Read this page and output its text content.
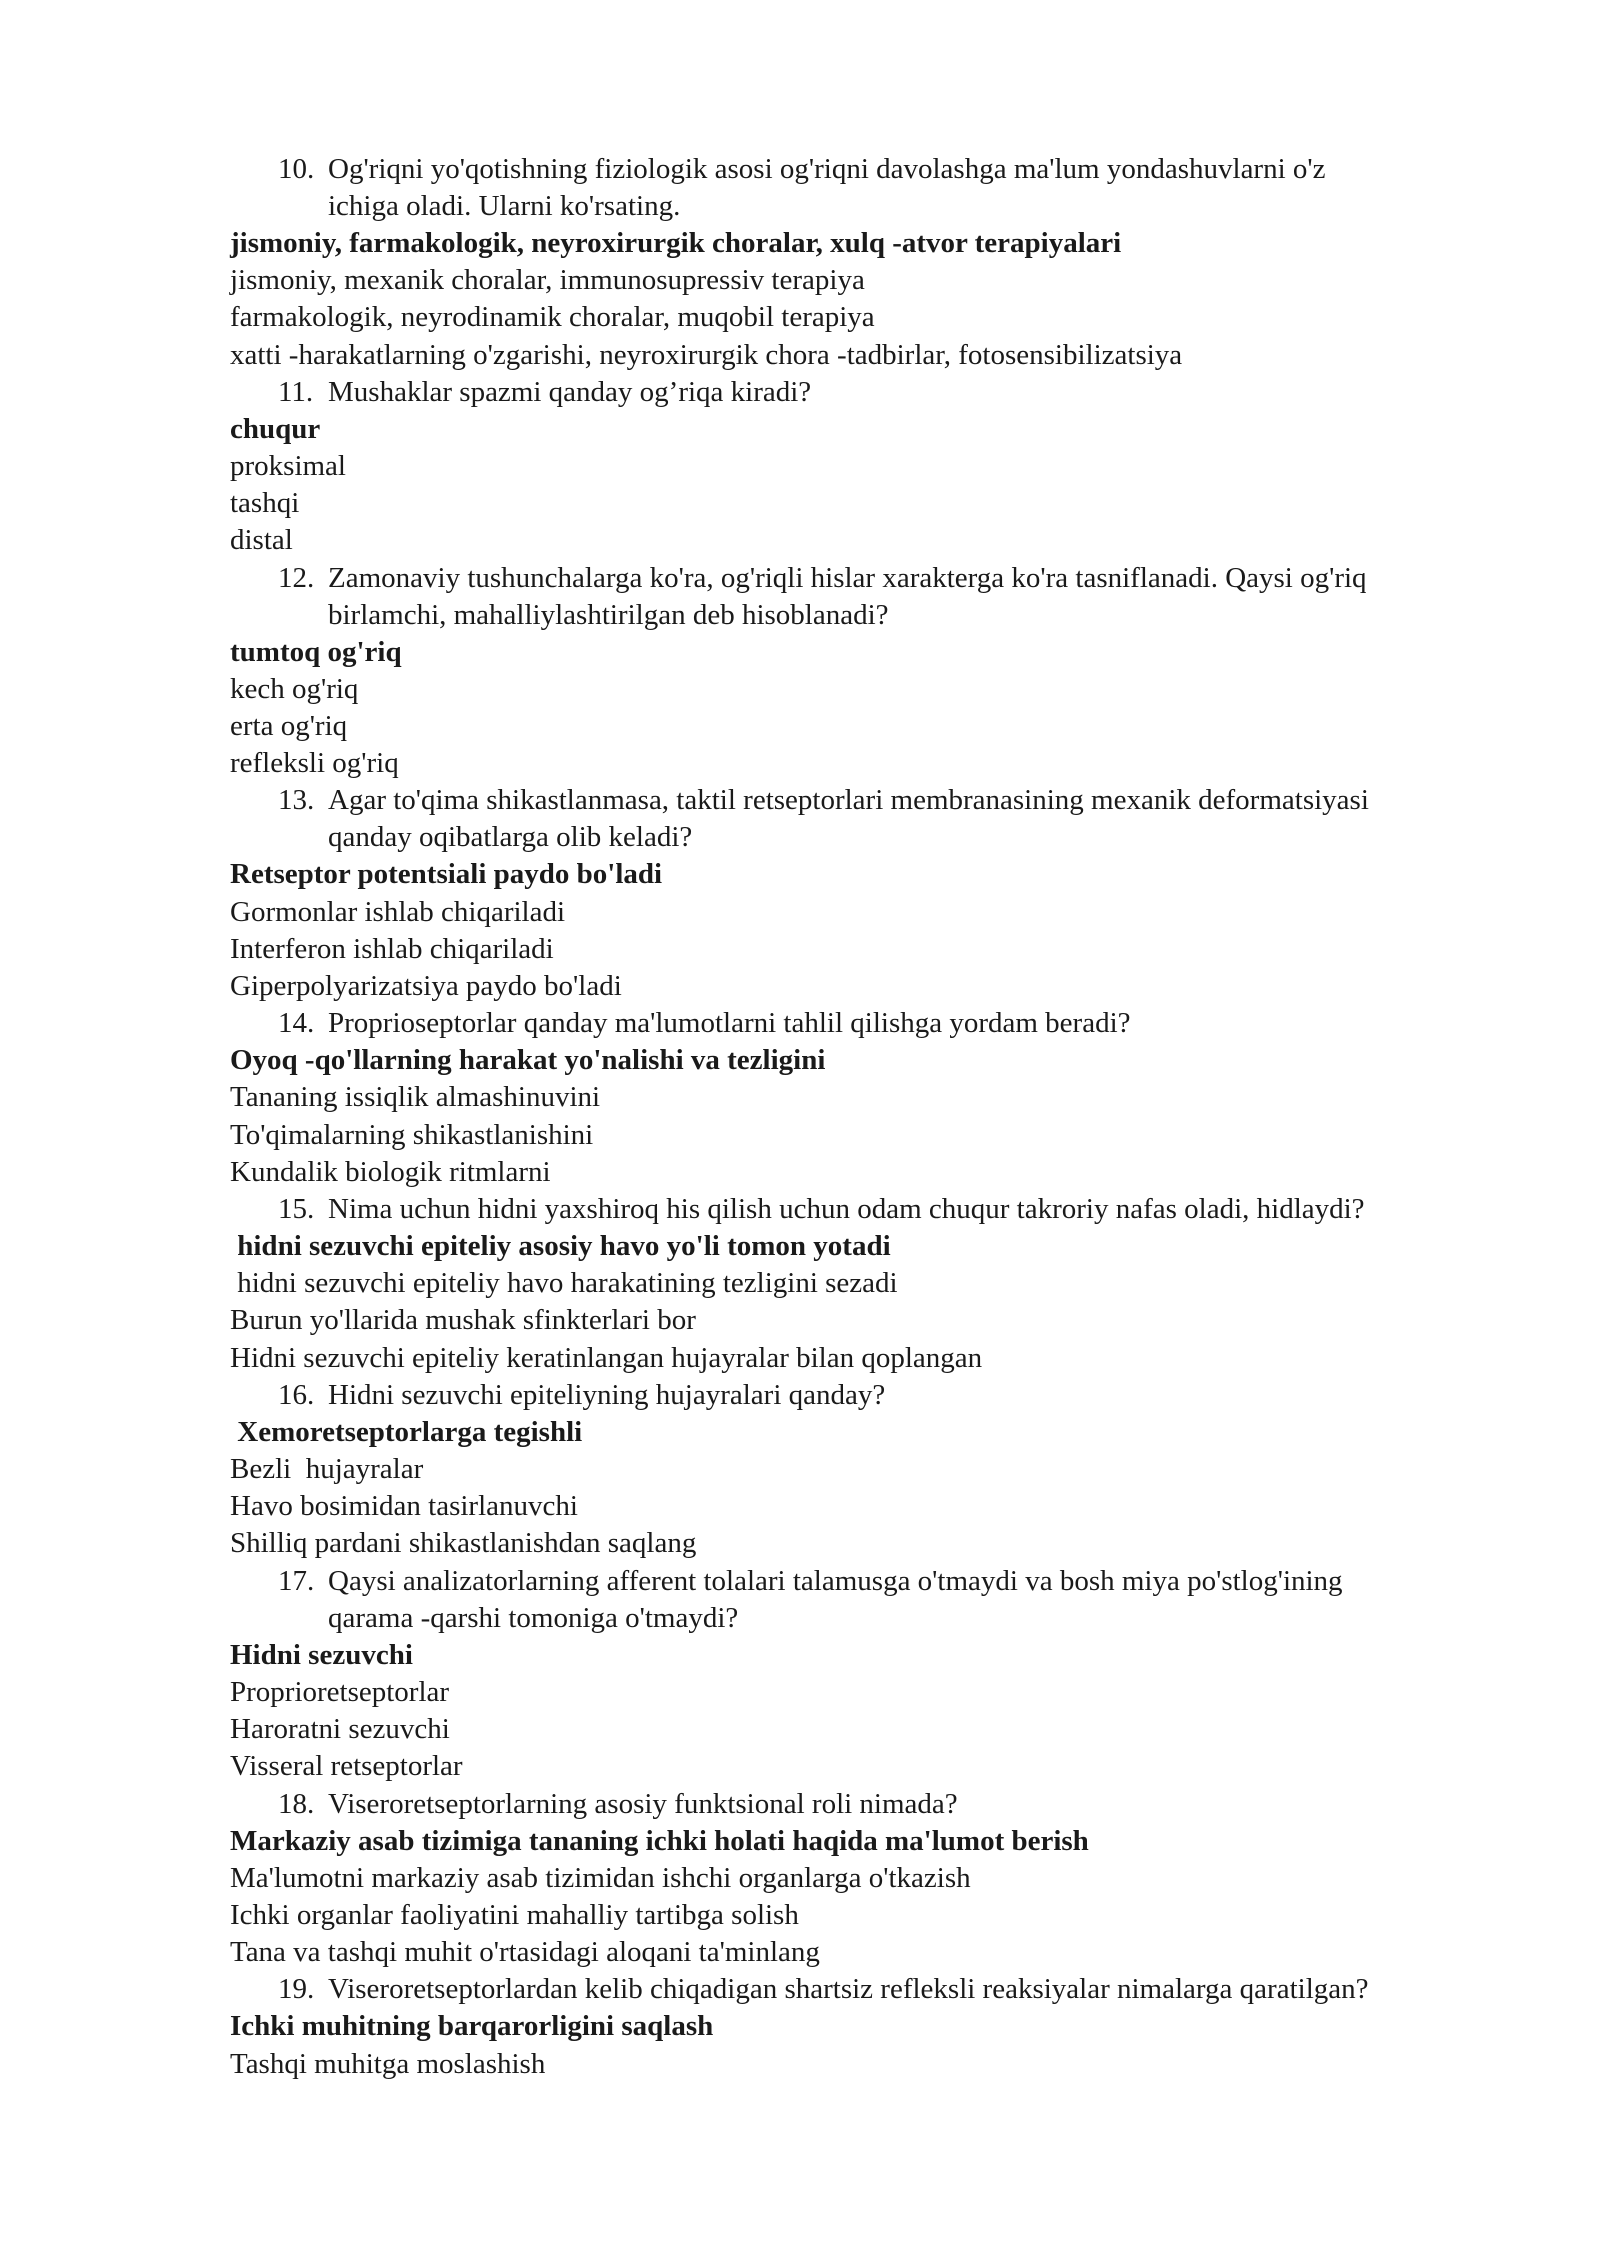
10. Og'riqni yo'qotishning fiziologik asosi og'riqni davolashga ma'lum yondashuvlarni o'z
ichiga oladi. Ularni ko'rsating.
jismoniy, farmakologik, neyroxirurgik choralar, xulq -atvor terapiyalari
jismoniy, mexanik choralar, immunosupressiv terapiya
farmakologik, neyrodinamik choralar, muqobil terapiya
xatti -harakatlarning o'zgarishi, neyroxirurgik chora -tadbirlar, fotosensibilizatsiya
11. Mushaklar spazmi qanday og’riqa kiradi?
chuqur
proksimal
tashqi
distal
12. Zamonaviy tushunchalarga ko'ra, og'riqli hislar xarakterga ko'ra tasniflanadi. Qaysi og'riq
birlamchi, mahalliylashtirilgan deb hisoblanadi?
tumtoq og'riq
kech og'riq
erta og'riq
refleksli og'riq
13. Agar to'qima shikastlanmasa, taktil retseptorlari membranasining mexanik deformatsiyasi
qanday oqibatlarga olib keladi?
Retseptor potentsiali paydo bo'ladi
Gormonlar ishlab chiqariladi
Interferon ishlab chiqariladi
Giperpolyarizatsiya paydo bo'ladi
14. Proprioseptorlar qanday ma'lumotlarni tahlil qilishga yordam beradi?
Oyoq -qo'llarning harakat yo'nalishi va tezligini
Tananing issiqlik almashinuvini
To'qimalarning shikastlanishini
Kundalik biologik ritmlarni
15. Nima uchun hidni yaxshiroq his qilish uchun odam chuqur takroriy nafas oladi, hidlaydi?
hidni sezuvchi epiteliy asosiy havo yo'li tomon yotadi
hidni sezuvchi epiteliy havo harakatining tezligini sezadi
Burun yo'llarida mushak sfinkterlari bor
Hidni sezuvchi epiteliy keratinlangan hujayralar bilan qoplangan
16. Hidni sezuvchi epiteliyning hujayralari qanday?
Xemoretseptorlarga tegishli
Bezli  hujayralar
Havo bosimidan tasirlanuvchi
Shilliq pardani shikastlanishdan saqlang
17. Qaysi analizatorlarning afferent tolalari talamusga o'tmaydi va bosh miya po'stlog'ining
qarama -qarshi tomoniga o'tmaydi?
Hidni sezuvchi
Proprioretseptorlar
Haroratni sezuvchi
Visseral retseptorlar
18. Viseroretseptorlarning asosiy funktsional roli nimada?
Markaziy asab tizimiga tananing ichki holati haqida ma'lumot berish
Ma'lumotni markaziy asab tizimidan ishchi organlarga o'tkazish
Ichki organlar faoliyatini mahalliy tartibga solish
Tana va tashqi muhit o'rtasidagi aloqani ta'minlang
19. Viseroretseptorlardan kelib chiqadigan shartsiz refleksli reaksiyalar nimalarga qaratilgan?
Ichki muhitning barqarorligini saqlash
Tashqi muhitga moslashish
